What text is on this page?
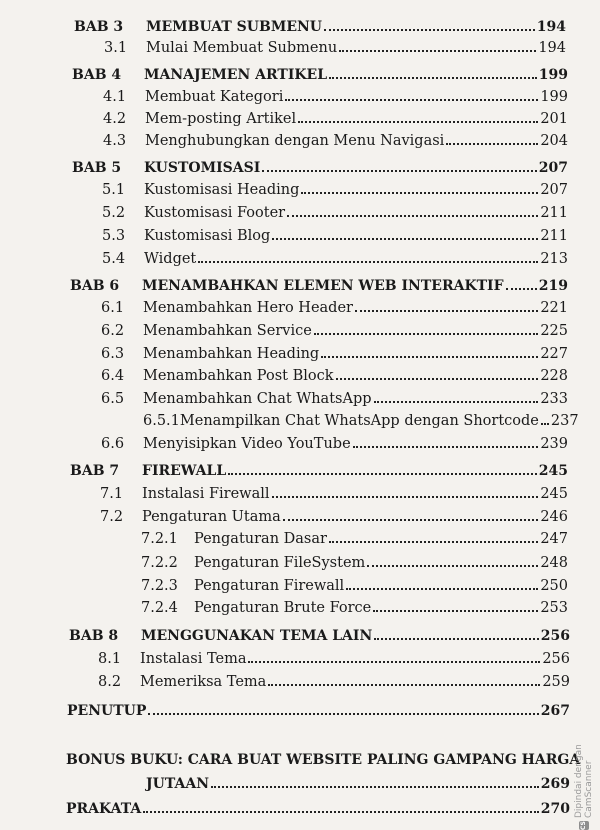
BAB 3	MEMBUAT SUBMENU	194
3.1	Mulai Membuat Submenu	194
BAB 4	MANAJEMEN ARTIKEL	199
4.1	Membuat Kategori	199
4.2	Mem-posting Artikel	201
4.3	Menghubungkan dengan Menu Navigasi	204
BAB 5	KUSTOMISASI	207
5.1	Kustomisasi Heading	207
5.2	Kustomisasi Footer	211
5.3	Kustomisasi Blog	211
5.4	Widget	213
BAB 6	MENAMBAHKAN ELEMEN WEB INTERAKTIF	219
6.1	Menambahkan Hero Header	221
6.2	Menambahkan Service	225
6.3	Menambahkan Heading	227
6.4	Menambahkan Post Block	228
6.5	Menambahkan Chat WhatsApp	233
6.5.1 Menampilkan Chat WhatsApp dengan Shortcode 237
6.6	Menyisipkan Video YouTube	239
BAB 7	FIREWALL	245
7.1	Instalasi Firewall	245
7.2	Pengaturan Utama	246
7.2.1	Pengaturan Dasar	247
7.2.2	Pengaturan FileSystem	248
7.2.3	Pengaturan Firewall	250
7.2.4	Pengaturan Brute Force	253
BAB 8	MENGGUNAKAN TEMA LAIN	256
8.1	Instalasi Tema	256
8.2	Memeriksa Tema	259
PENUTUP	267
BONUS BUKU: CARA BUAT WEBSITE PALING GAMPANG HARGA
JUTAAN	269
PRAKATA	270
CS
Dipindai dengan CamScanner
